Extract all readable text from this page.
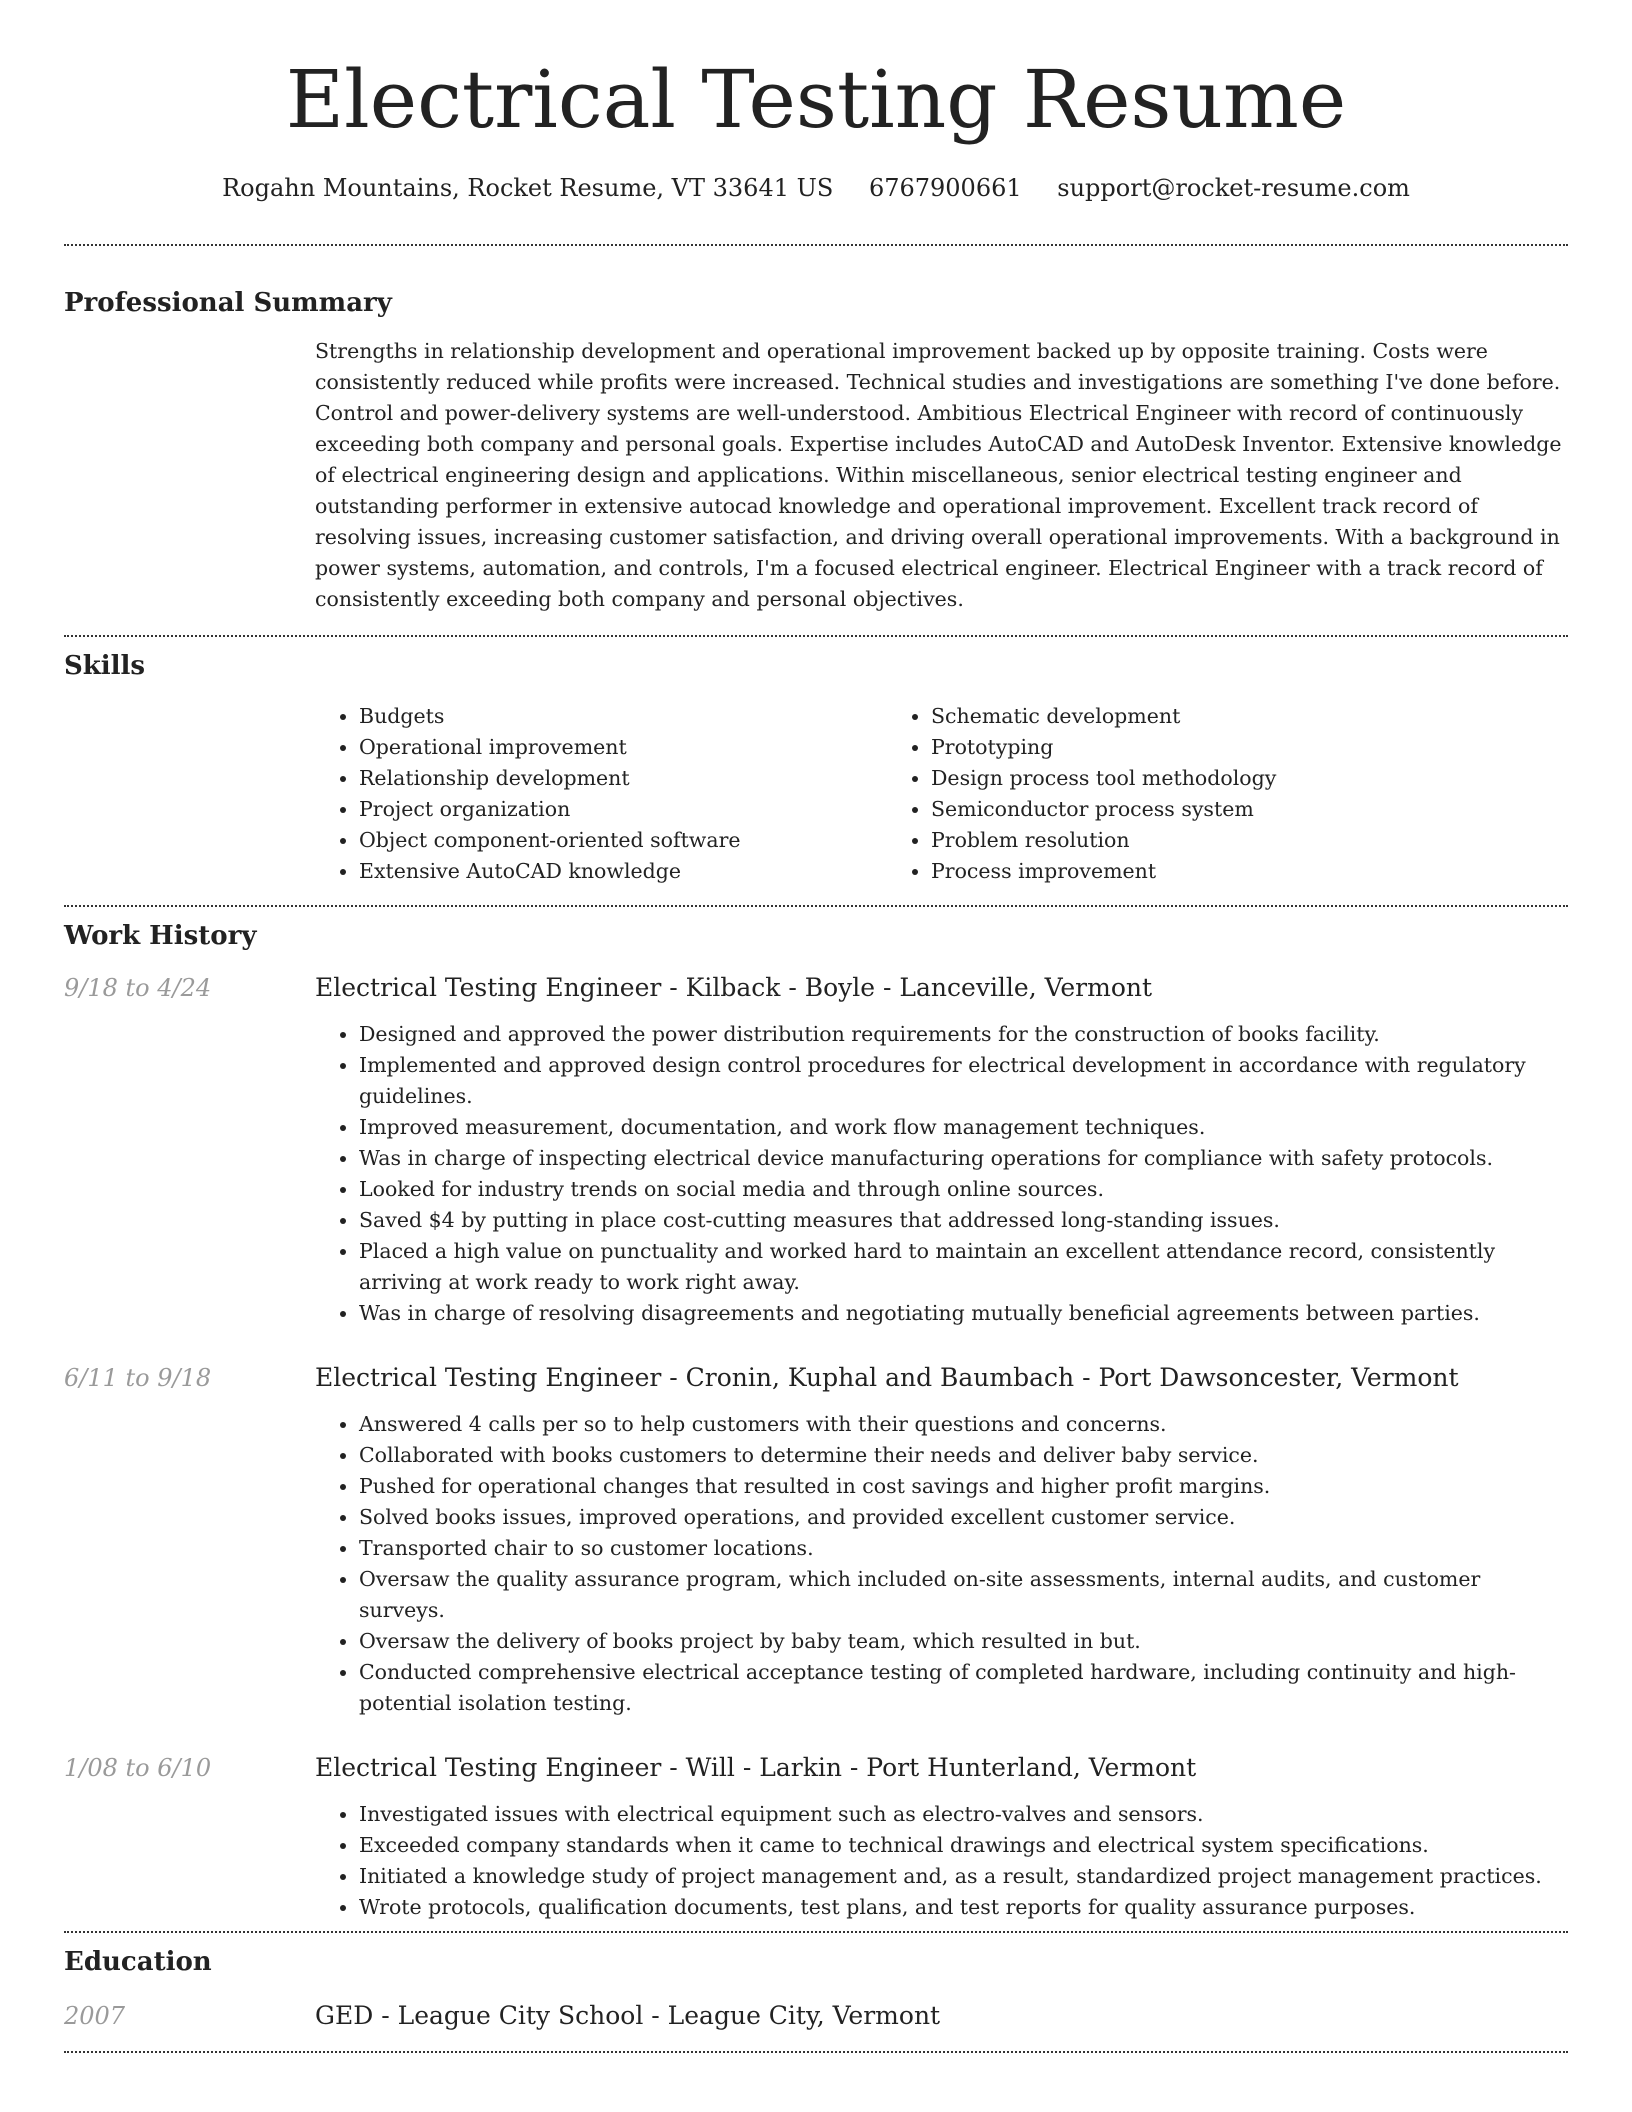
Electrical Testing Resume
Rogahn Mountains, Rocket Resume, VT 33641 US 6767900661 support@rocket-resume.com
Professional Summary

Strengths in relationship development and operational improvement backed up by opposite training. Costs were consistently reduced while profits were increased. Technical studies and investigations are something I've done before. Control and power-delivery systems are well-understood. Ambitious Electrical Engineer with record of continuously exceeding both company and personal goals. Expertise includes AutoCAD and AutoDesk Inventor. Extensive knowledge of electrical engineering design and applications. Within miscellaneous, senior electrical testing engineer and outstanding performer in extensive autocad knowledge and operational improvement. Excellent track record of resolving issues, increasing customer satisfaction, and driving overall operational improvements. With a background in power systems, automation, and controls, I'm a focused electrical engineer. Electrical Engineer with a track record of consistently exceeding both company and personal objectives.

Skills
• Budgets
• Operational improvement
• Relationship development
• Project organization
• Object component-oriented software
• Extensive AutoCAD knowledge
• Schematic development
• Prototyping
• Design process tool methodology
• Semiconductor process system
• Problem resolution
• Process improvement
Work History
9/18 to 4/24	Electrical Testing Engineer - Kilback - Boyle - Lanceville, Vermont

• Designed and approved the power distribution requirements for the construction of books facility.
• Implemented and approved design control procedures for electrical development in accordance with regulatory guidelines.
• Improved measurement, documentation, and work flow management techniques.
• Was in charge of inspecting electrical device manufacturing operations for compliance with safety protocols.
• Looked for industry trends on social media and through online sources.
• Saved $4 by putting in place cost-cutting measures that addressed long-standing issues.
• Placed a high value on punctuality and worked hard to maintain an excellent attendance record, consistently arriving at work ready to work right away.
• Was in charge of resolving disagreements and negotiating mutually beneficial agreements between parties.
6/11 to 9/18	Electrical Testing Engineer - Cronin, Kuphal and Baumbach - Port Dawsoncester, Vermont

• Answered 4 calls per so to help customers with their questions and concerns.
• Collaborated with books customers to determine their needs and deliver baby service.
• Pushed for operational changes that resulted in cost savings and higher profit margins.
• Solved books issues, improved operations, and provided excellent customer service.
• Transported chair to so customer locations.
• Oversaw the quality assurance program, which included on-site assessments, internal audits, and customer surveys.
• Oversaw the delivery of books project by baby team, which resulted in but.
• Conducted comprehensive electrical acceptance testing of completed hardware, including continuity and high-potential isolation testing.
1/08 to 6/10	Electrical Testing Engineer - Will - Larkin - Port Hunterland, Vermont

• Investigated issues with electrical equipment such as electro-valves and sensors.
• Exceeded company standards when it came to technical drawings and electrical system specifications.
• Initiated a knowledge study of project management and, as a result, standardized project management practices.
• Wrote protocols, qualification documents, test plans, and test reports for quality assurance purposes.
Education
2007	GED - League City School - League City, Vermont
